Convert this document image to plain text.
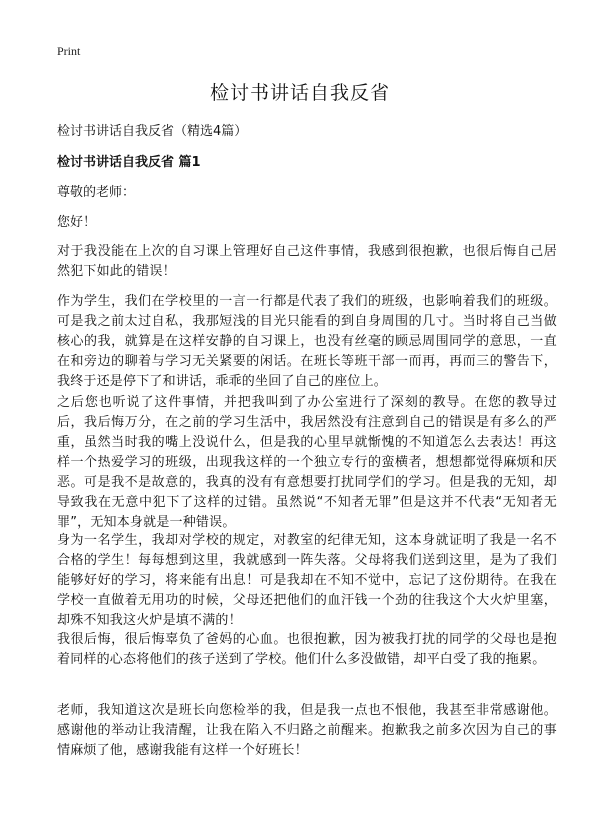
Print
检讨书讲话自我反省
检讨书讲话自我反省（精选4篇）
检讨书讲话自我反省 篇1
尊敬的老师：
您好！
对于我没能在上次的自习课上管理好自己这件事情，我感到很抱歉，也很后悔自己居然犯下如此的错误！
作为学生，我们在学校里的一言一行都是代表了我们的班级，也影响着我们的班级。可是我之前太过自私，我那短浅的目光只能看的到自身周围的几寸。当时将自己当做核心的我，就算是在这样安静的自习课上，也没有丝毫的顾忌周围同学的意思，一直在和旁边的聊着与学习无关紧要的闲话。在班长等班干部一而再，再而三的警告下，我终于还是停下了和讲话，乖乖的坐回了自己的座位上。
之后您也听说了这件事情，并把我叫到了办公室进行了深刻的教导。在您的教导过后，我后悔万分，在之前的学习生活中，我居然没有注意到自己的错误是有多么的严重，虽然当时我的嘴上没说什么，但是我的心里早就惭愧的不知道怎么去表达！再这样一个热爱学习的班级，出现我这样的一个独立专行的蛮横者，想想都觉得麻烦和厌恶。可是我不是故意的，我真的没有有意想要打扰同学们的学习。但是我的无知，却导致我在无意中犯下了这样的过错。虽然说“不知者无罪”但是这并不代表“无知者无罪”，无知本身就是一种错误。
身为一名学生，我却对学校的规定，对教室的纪律无知，这本身就证明了我是一名不合格的学生！每每想到这里，我就感到一阵失落。父母将我们送到这里，是为了我们能够好好的学习，将来能有出息！可是我却在不知不觉中，忘记了这份期待。在我在学校一直做着无用功的时候，父母还把他们的血汗钱一个劲的往我这个大火炉里塞，却殊不知我这火炉是填不满的！
我很后悔，很后悔辜负了爸妈的心血。也很抱歉，因为被我打扰的同学的父母也是抱着同样的心态将他们的孩子送到了学校。他们什么多没做错，却平白受了我的拖累。
老师，我知道这次是班长向您检举的我，但是我一点也不恨他，我甚至非常感谢他。感谢他的举动让我清醒，让我在陷入不归路之前醒来。抱歉我之前多次因为自己的事情麻烦了他，感谢我能有这样一个好班长！
